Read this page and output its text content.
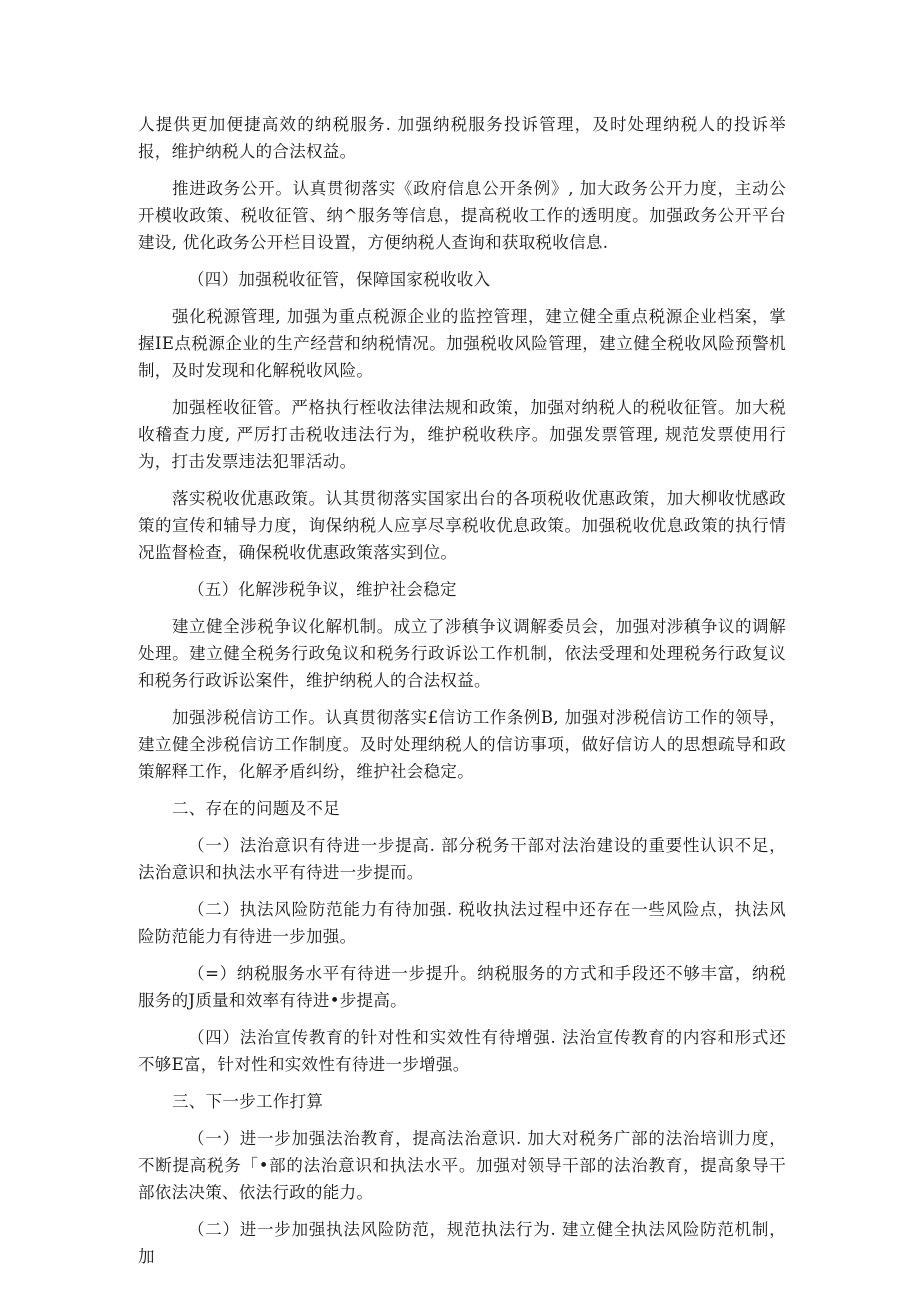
人提供更加便捷高效的纳税服务. 加强纳税服务投诉管理，及时处理纳税人的投诉举报，维护纳税人的合法权益。

推进政务公开。认真贯彻落实《政府信息公开条例》, 加大政务公开力度，主动公开模收政策、税收征管、纳^服务等信息，提高税收工作的透明度。加强政务公开平台建设, 优化政务公开栏目设置，方便纳税人查询和获取税收信息.

（四）加强税收征管，保障国家税收收入

强化税源管理, 加强为重点税源企业的监控管理，建立健全重点税源企业档案，掌握IE点税源企业的生产经营和纳税情况。加强税收风险管理，建立健全税收风险预警机制，及时发现和化解税收风险。

加强桎收征管。严格执行桎收法律法规和政策，加强对纳税人的税收征管。加大税收稽查力度, 严厉打击税收违法行为，维护税收秩序。加强发票管理, 规范发票使用行为，打击发票违法犯罪活动。

落实税收优惠政策。认其贯彻落实国家出台的各项税收优惠政策，加大柳收忧感政策的宣传和辅导力度，询保纳税人应享尽享税收优息政策。加强税收优息政策的执行情况监督检查，确保税收优惠政策落实到位。

（五）化解涉税争议，维护社会稳定

建立健全涉税争议化解机制。成立了涉稹争议调解委员会，加强对涉稹争议的调解处理。建立健全税务行政兔议和税务行政诉讼工作机制，依法受理和处理税务行政复议和税务行政诉讼案件，维护纳税人的合法权益。

加强涉税信访工作。认真贯彻落实£信访工作条例B, 加强对涉税信访工作的领导，建立健全涉税信访工作制度。及时处理纳税人的信访事项，做好信访人的思想疏导和政策解释工作，化解矛盾纠纷，维护社会稳定。

二、存在的问题及不足

（一）法治意识有待进一步提高. 部分税务干部对法治建设的重要性认识不足，法治意识和执法水平有待进一步提而。

（二）执法风险防范能力有待加强. 税收执法过程中还存在一些风险点，执法风险防范能力有待进一步加强。

（=）纳税服务水平有待进一步提升。纳税服务的方式和手段还不够丰富，纳税服务的J质量和效率有待进•步提高。

（四）法治宣传教育的针对性和实效性有待增强. 法治宣传教育的内容和形式还不够E富，针对性和实效性有待进一步增强。

三、下一步工作打算

（一）进一步加强法治教育，提高法治意识. 加大对税务广部的法治培训力度，不断提高税务「•部的法治意识和执法水平。加强对领导干部的法治教育，提高象导干部依法决策、依法行政的能力。

（二）进一步加强执法风险防范，规范执法行为. 建立健全执法风险防范机制，加
